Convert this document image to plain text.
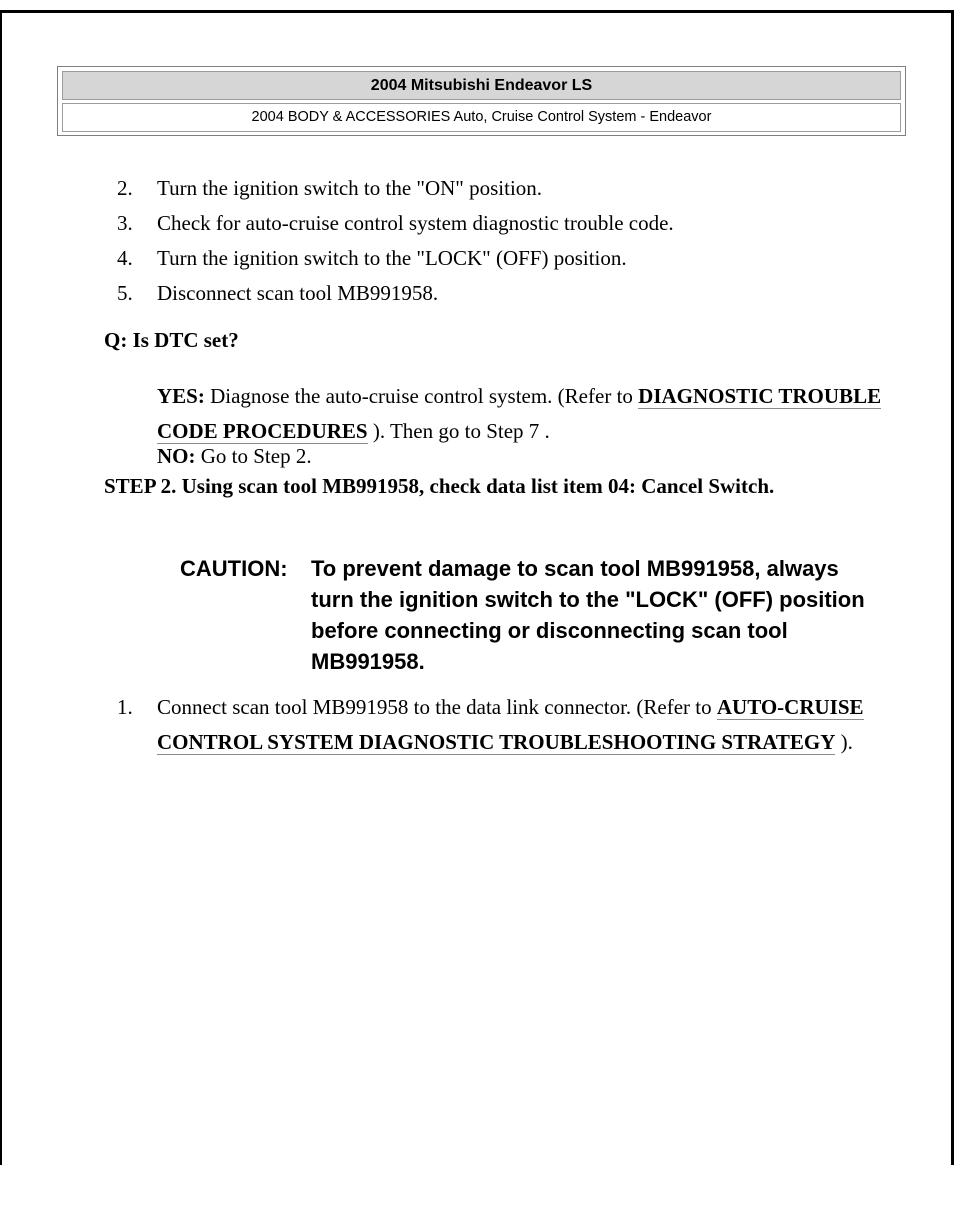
2004 Mitsubishi Endeavor LS
2004 BODY & ACCESSORIES Auto, Cruise Control System - Endeavor
2. Turn the ignition switch to the "ON" position.
3. Check for auto-cruise control system diagnostic trouble code.
4. Turn the ignition switch to the "LOCK" (OFF) position.
5. Disconnect scan tool MB991958.
Q: Is DTC set?
YES: Diagnose the auto-cruise control system. (Refer to DIAGNOSTIC TROUBLE CODE PROCEDURES ). Then go to Step 7 .
NO: Go to Step 2.
STEP 2. Using scan tool MB991958, check data list item 04: Cancel Switch.
CAUTION: To prevent damage to scan tool MB991958, always turn the ignition switch to the "LOCK" (OFF) position before connecting or disconnecting scan tool MB991958.
1. Connect scan tool MB991958 to the data link connector. (Refer to AUTO-CRUISE CONTROL SYSTEM DIAGNOSTIC TROUBLESHOOTING STRATEGY ).
